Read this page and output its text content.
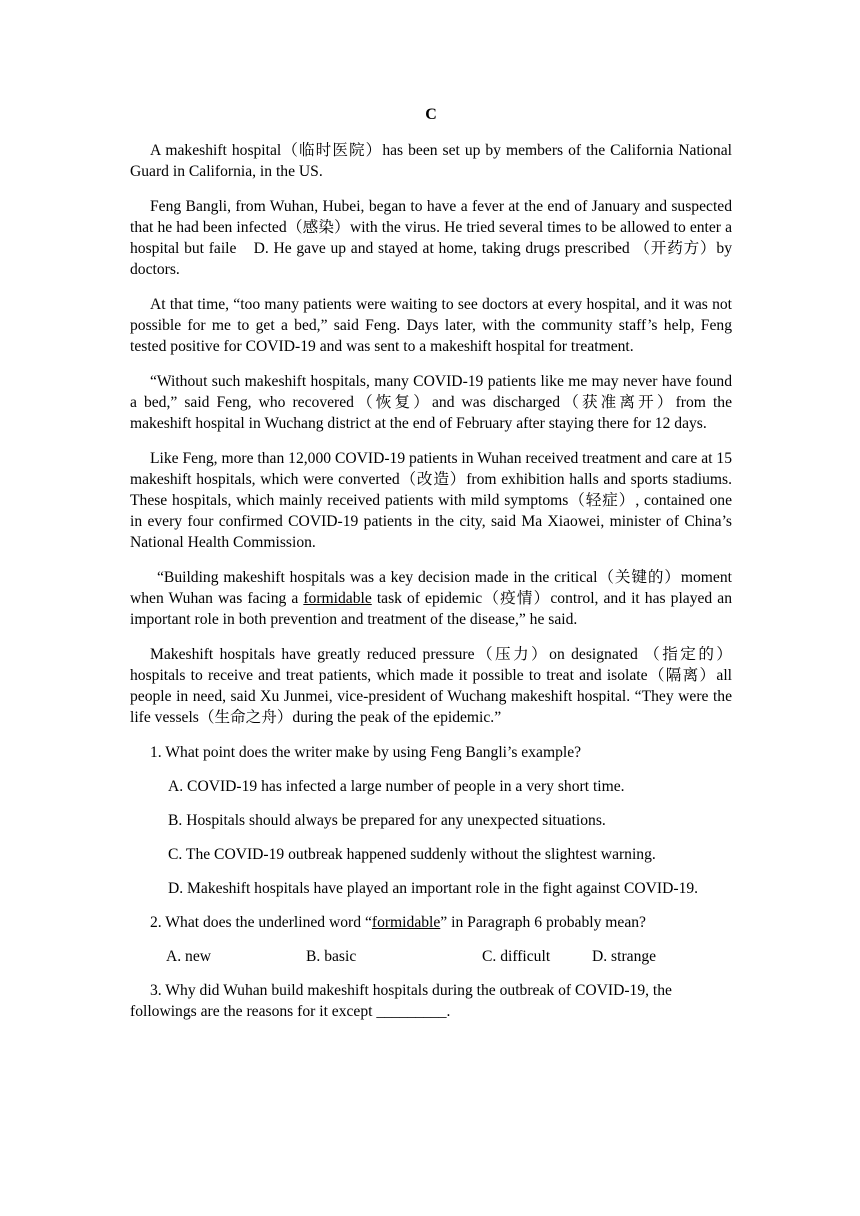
C

A makeshift hospital（临时医院）has been set up by members of the California National Guard in California, in the US.

Feng Bangli, from Wuhan, Hubei, began to have a fever at the end of January and suspected that he had been infected（感染）with the virus. He tried several times to be allowed to enter a hospital but faile　D. He gave up and stayed at home, taking drugs prescribed （开药方）by doctors.

At that time, “too many patients were waiting to see doctors at every hospital, and it was not possible for me to get a bed,” said Feng. Days later, with the community staff’s help, Feng tested positive for COVID-19 and was sent to a makeshift hospital for treatment.

“Without such makeshift hospitals, many COVID-19 patients like me may never have found a bed,” said Feng, who recovered（恢复）and was discharged（获准离开）from the makeshift hospital in Wuchang district at the end of February after staying there for 12 days.

Like Feng, more than 12,000 COVID-19 patients in Wuhan received treatment and care at 15 makeshift hospitals, which were converted（改造）from exhibition halls and sports stadiums. These hospitals, which mainly received patients with mild symptoms（轻症）, contained one in every four confirmed COVID-19 patients in the city, said Ma Xiaowei, minister of China’s National Health Commission.

“Building makeshift hospitals was a key decision made in the critical（关键的）moment when Wuhan was facing a formidable task of epidemic（疫情）control, and it has played an important role in both prevention and treatment of the disease,” he said.

Makeshift hospitals have greatly reduced pressure（压力）on designated （指定的）hospitals to receive and treat patients, which made it possible to treat and isolate（隔离）all people in need, said Xu Junmei, vice-president of Wuchang makeshift hospital. “They were the life vessels（生命之舟）during the peak of the epidemic.”

1. What point does the writer make by using Feng Bangli’s example?
A. COVID-19 has infected a large number of people in a very short time.
B. Hospitals should always be prepared for any unexpected situations.
C. The COVID-19 outbreak happened suddenly without the slightest warning.
D. Makeshift hospitals have played an important role in the fight against COVID-19.
2. What does the underlined word “formidable” in Paragraph 6 probably mean?
A. new	B. basic	C. difficult	D. strange
3. Why did Wuhan build makeshift hospitals during the outbreak of COVID-19, the followings are the reasons for it except _________.
